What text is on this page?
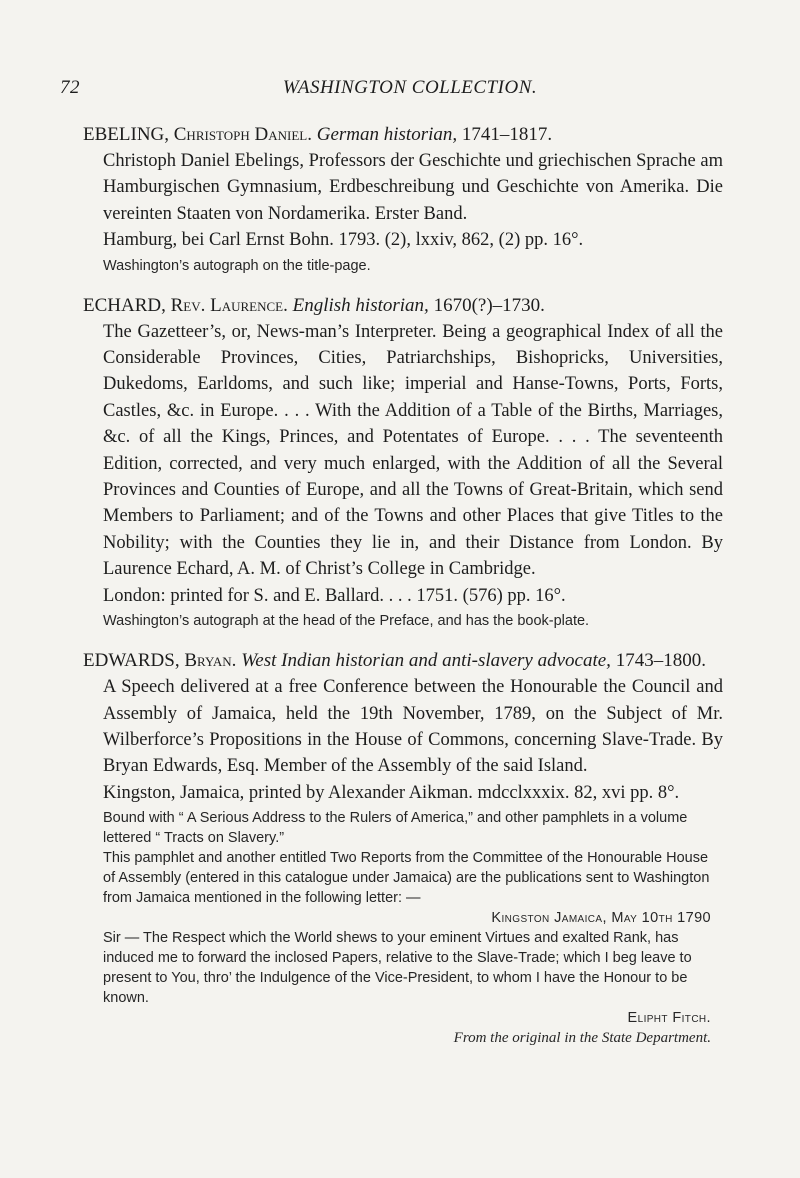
72	WASHINGTON COLLECTION.

EBELING, Christoph Daniel. German historian, 1741–1817.

Christoph Daniel Ebelings, Professors der Geschichte und griechischen Sprache am Hamburgischen Gymnasium, Erdbeschreibung und Geschichte von Amerika. Die vereinten Staaten von Nordamerika. Erster Band.

Hamburg, bei Carl Ernst Bohn. 1793. (2), lxxiv, 862, (2) pp. 16°.

Washington’s autograph on the title-page.

ECHARD, Rev. Laurence. English historian, 1670(?)–1730.

The Gazetteer’s, or, News-man’s Interpreter. Being a geographical Index of all the Considerable Provinces, Cities, Patriarchships, Bishopricks, Universities, Dukedoms, Earldoms, and such like; imperial and Hanse-Towns, Ports, Forts, Castles, &c. in Europe. . . . With the Addition of a Table of the Births, Marriages, &c. of all the Kings, Princes, and Potentates of Europe. . . . The seventeenth Edition, corrected, and very much enlarged, with the Addition of all the Several Provinces and Counties of Europe, and all the Towns of Great-Britain, which send Members to Parliament; and of the Towns and other Places that give Titles to the Nobility; with the Counties they lie in, and their Distance from London. By Laurence Echard, A. M. of Christ’s College in Cambridge.

London: printed for S. and E. Ballard. . . . 1751. (576) pp. 16°.

Washington’s autograph at the head of the Preface, and has the book-plate.

EDWARDS, Bryan. West Indian historian and anti-slavery advocate, 1743–1800.

A Speech delivered at a free Conference between the Honourable the Council and Assembly of Jamaica, held the 19th November, 1789, on the Subject of Mr. Wilberforce’s Propositions in the House of Commons, concerning Slave-Trade. By Bryan Edwards, Esq. Member of the Assembly of the said Island.

Kingston, Jamaica, printed by Alexander Aikman. mdcclxxxix. 82, xvi pp. 8°.

Bound with “ A Serious Address to the Rulers of America,” and other pamphlets in a volume lettered “ Tracts on Slavery.”

This pamphlet and another entitled Two Reports from the Committee of the Honourable House of Assembly (entered in this catalogue under Jamaica) are the publications sent to Washington from Jamaica mentioned in the following letter: —

Kingston Jamaica, May 10th 1790
Sir — The Respect which the World shews to your eminent Virtues and exalted Rank, has induced me to forward the inclosed Papers, relative to the Slave-Trade; which I beg leave to present to You, thro’ the Indulgence of the Vice-President, to whom I have the Honour to be known.
Elipht Fitch.
From the original in the State Department.
